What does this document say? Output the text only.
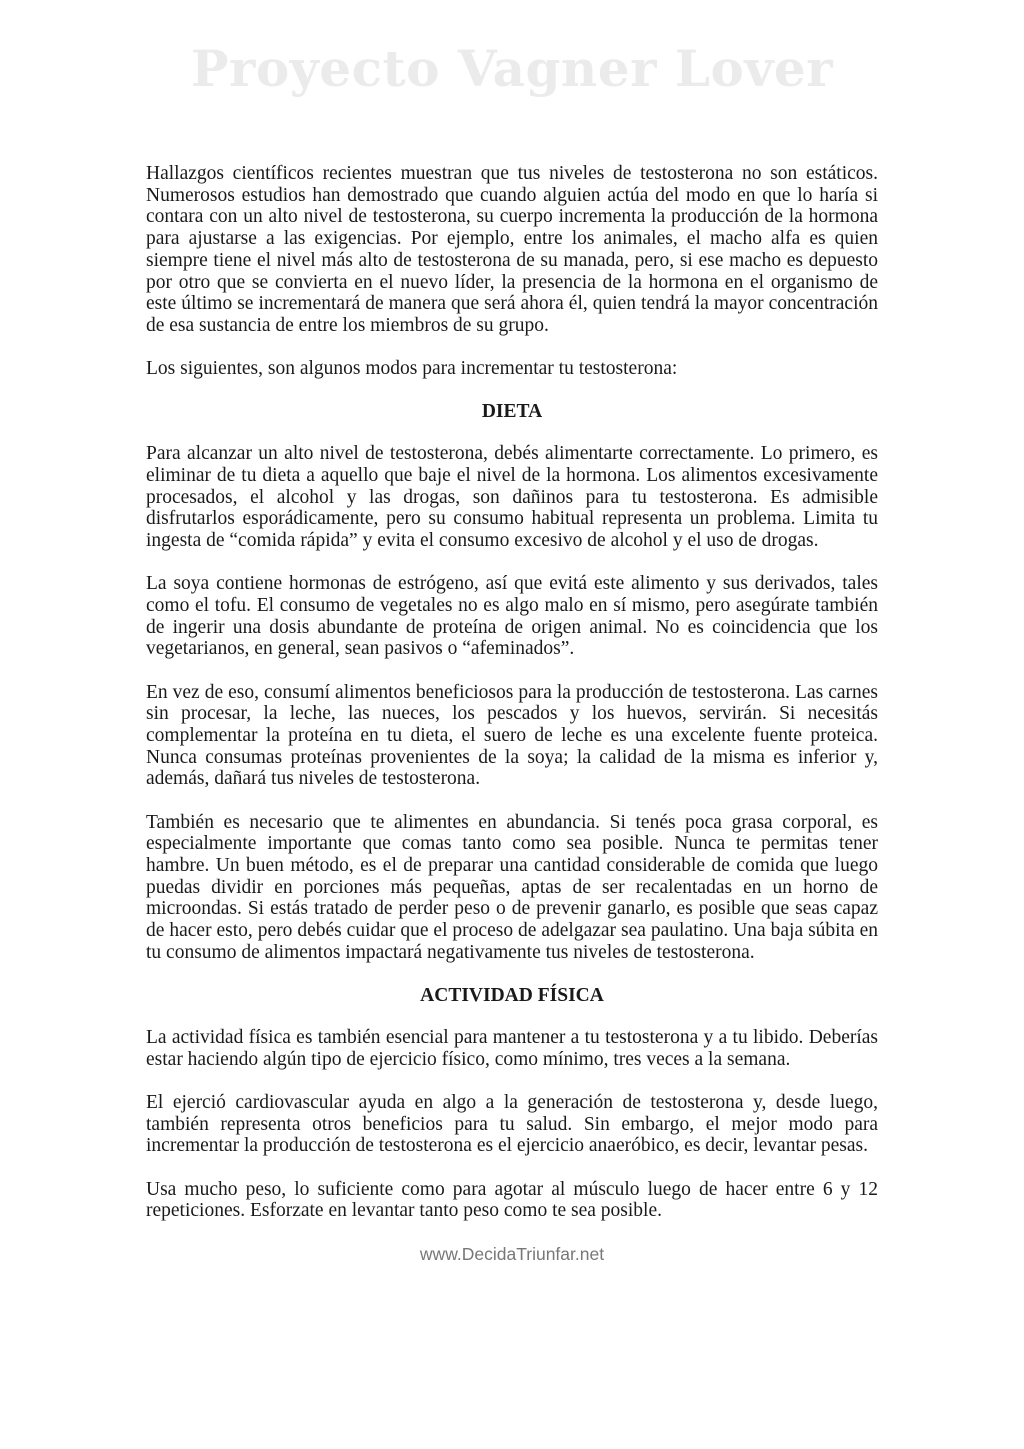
Proyecto Vagner Lover

Hallazgos científicos recientes muestran que tus niveles de testosterona no son estáticos. Numerosos estudios han demostrado que cuando alguien actúa del modo en que lo haría si contara con un alto nivel de testosterona, su cuerpo incrementa la producción de la hormona para ajustarse a las exigencias. Por ejemplo, entre los animales, el macho alfa es quien siempre tiene el nivel más alto de testosterona de su manada, pero, si ese macho es depuesto por otro que se convierta en el nuevo líder, la presencia de la hormona en el organismo de este último se incrementará de manera que será ahora él, quien tendrá la mayor concentración de esa sustancia de entre los miembros de su grupo.

Los siguientes, son algunos modos para incrementar tu testosterona:

DIETA

Para alcanzar un alto nivel de testosterona, debés alimentarte correctamente. Lo primero, es eliminar de tu dieta a aquello que baje el nivel de la hormona. Los alimentos excesivamente procesados, el alcohol y las drogas, son dañinos para tu testosterona. Es admisible disfrutarlos esporádicamente, pero su consumo habitual representa un problema. Limita tu ingesta de “comida rápida” y evita el consumo excesivo de alcohol y el uso de drogas.

La soya contiene hormonas de estrógeno, así que evitá este alimento y sus derivados, tales como el tofu. El consumo de vegetales no es algo malo en sí mismo, pero asegúrate también de ingerir una dosis abundante de proteína de origen animal. No es coincidencia que los vegetarianos, en general, sean pasivos o “afeminados”.

En vez de eso, consumí alimentos beneficiosos para la producción de testosterona. Las carnes sin procesar, la leche, las nueces, los pescados y los huevos, servirán. Si necesitás complementar la proteína en tu dieta, el suero de leche es una excelente fuente proteica. Nunca consumas proteínas provenientes de la soya; la calidad de la misma es inferior y, además, dañará tus niveles de testosterona.

También es necesario que te alimentes en abundancia. Si tenés poca grasa corporal, es especialmente importante que comas tanto como sea posible. Nunca te permitas tener hambre. Un buen método, es el de preparar una cantidad considerable de comida que luego puedas dividir en porciones más pequeñas, aptas de ser recalentadas en un horno de microondas. Si estás tratado de perder peso o de prevenir ganarlo, es posible que seas capaz de hacer esto, pero debés cuidar que el proceso de adelgazar sea paulatino. Una baja súbita en tu consumo de alimentos impactará negativamente tus niveles de testosterona.

ACTIVIDAD FÍSICA

La actividad física es también esencial para mantener a tu testosterona y a tu libido. Deberías estar haciendo algún tipo de ejercicio físico, como mínimo, tres veces a la semana.

El ejerció cardiovascular ayuda en algo a la generación de testosterona y, desde luego, también representa otros beneficios para tu salud. Sin embargo, el mejor modo para incrementar la producción de testosterona es el ejercicio anaeróbico, es decir, levantar pesas.

Usa mucho peso, lo suficiente como para agotar al músculo luego de hacer entre 6 y 12 repeticiones. Esforzate en levantar tanto peso como te sea posible.

www.DecidaTriunfar.net
